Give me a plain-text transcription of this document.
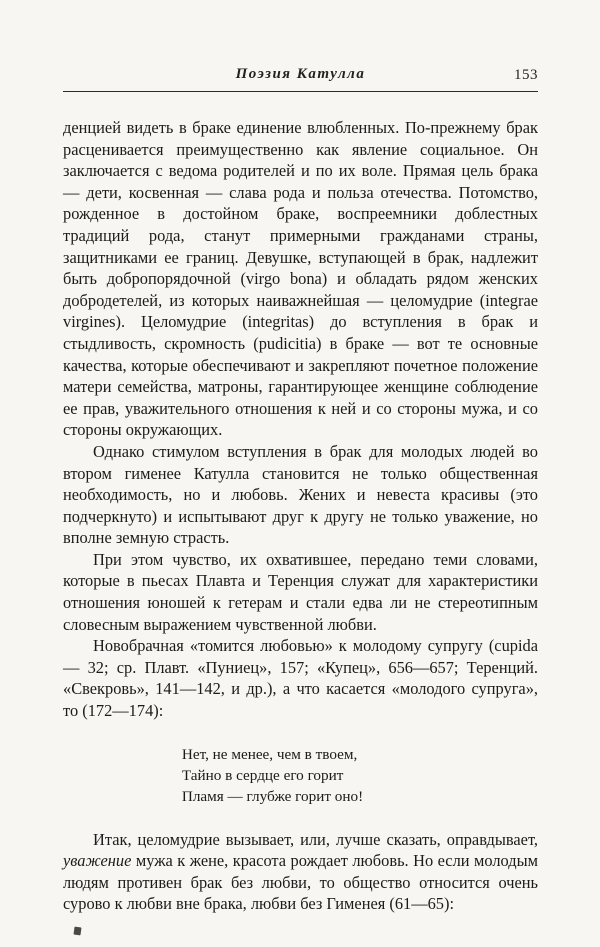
Поэзия Катулла	153

денцией видеть в браке единение влюбленных. По-прежнему брак расценивается преимущественно как явление социальное. Он заключается с ведома родителей и по их воле. Прямая цель брака — дети, косвенная — слава рода и польза отечества. Потомство, рожденное в достойном браке, воспреемники доблестных традиций рода, станут примерными гражданами страны, защитниками ее границ. Девушке, вступающей в брак, надлежит быть добропорядочной (virgo bona) и обладать рядом женских добродетелей, из которых наиважнейшая — целомудрие (integrae virgines). Целомудрие (integritas) до вступления в брак и стыдливость, скромность (pudicitia) в браке — вот те основные качества, которые обеспечивают и закрепляют почетное положение матери семейства, матроны, гарантирующее женщине соблюдение ее прав, уважительного отношения к ней и со стороны мужа, и со стороны окружающих.

Однако стимулом вступления в брак для молодых людей во втором гименее Катулла становится не только общественная необходимость, но и любовь. Жених и невеста красивы (это подчеркнуто) и испытывают друг к другу не только уважение, но вполне земную страсть.

При этом чувство, их охватившее, передано теми словами, которые в пьесах Плавта и Теренция служат для характеристики отношения юношей к гетерам и стали едва ли не стереотипным словесным выражением чувственной любви.

Новобрачная «томится любовью» к молодому супругу (cupida — 32; ср. Плавт. «Пуниец», 157; «Купец», 656—657; Теренций. «Свекровь», 141—142, и др.), а что касается «молодого супруга», то (172—174):

Нет, не менее, чем в твоем,
Тайно в сердце его горит
Пламя — глубже горит оно!

Итак, целомудрие вызывает, или, лучше сказать, оправдывает, уважение мужа к жене, красота рождает любовь. Но если молодым людям противен брак без любви, то общество относится очень сурово к любви вне брака, любви без Гименея (61—65):
